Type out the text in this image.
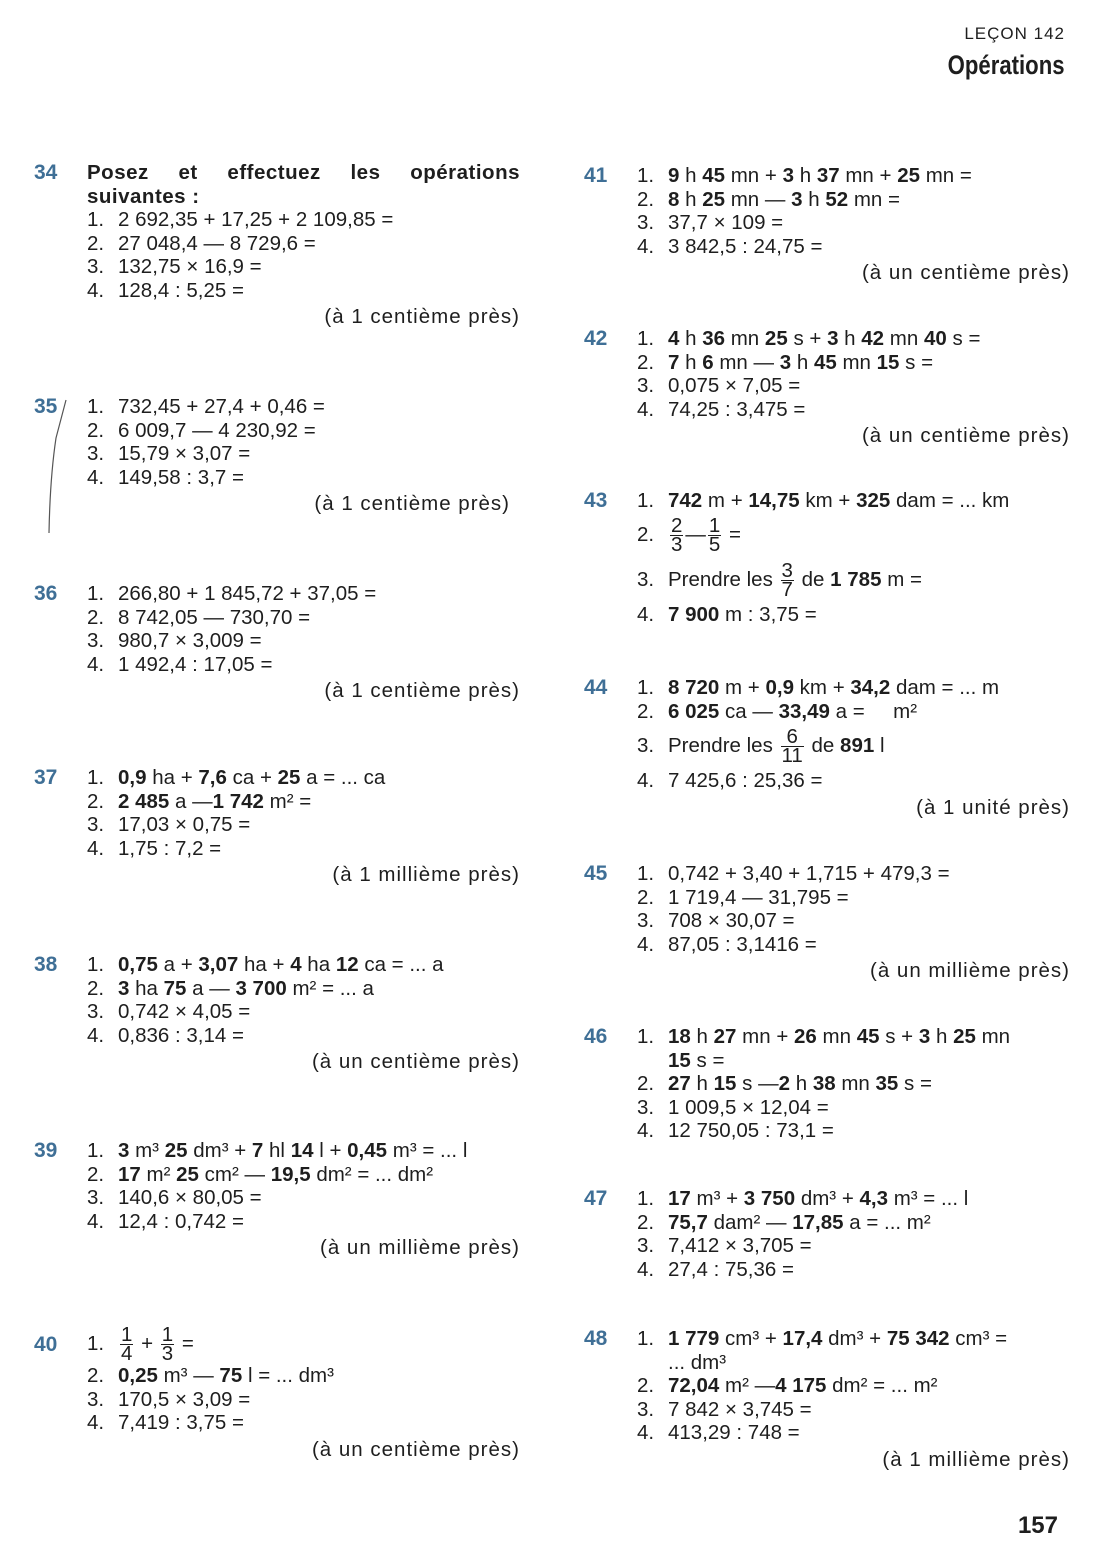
LEÇON 142
Opérations
34 Posez et effectuez les opérations suivantes :
1. 2 692,35 + 17,25 + 2 109,85 =
2. 27 048,4 — 8 729,6 =
3. 132,75 × 16,9 =
4. 128,4 : 5,25 =
(à 1 centième près)
35 1. 732,45 + 27,4 + 0,46 =
2. 6 009,7 — 4 230,92 =
3. 15,79 × 3,07 =
4. 149,58 : 3,7 =
(à 1 centième près)
36 1. 266,80 + 1 845,72 + 37,05 =
2. 8 742,05 — 730,70 =
3. 980,7 × 3,009 =
4. 1 492,4 : 17,05 =
(à 1 centième près)
37 1. 0,9 ha + 7,6 ca + 25 a = ... ca
2. 2 485 a —1 742 m² =
3. 17,03 × 0,75 =
4. 1,75 : 7,2 =
(à 1 millième près)
38 1. 0,75 a + 3,07 ha + 4 ha 12 ca = ... a
2. 3 ha 75 a — 3 700 m² = ... a
3. 0,742 × 4,05 =
4. 0,836 : 3,14 =
(à un centième près)
39 1. 3 m³ 25 dm³ + 7 hl 14 l + 0,45 m³ = ... l
2. 17 m² 25 cm² — 19,5 dm² = ... dm²
3. 140,6 × 80,05 =
4. 12,4 : 0,742 =
(à un millième près)
40 1. $\frac{1}{4} + \frac{1}{3}$ =
2. 0,25 m³ — 75 l = ... dm³
3. 170,5 × 3,09 =
4. 7,419 : 3,75 =
(à un centième près)
41 1. 9 h 45 mn + 3 h 37 mn + 25 mn =
2. 8 h 25 mn — 3 h 52 mn =
3. 37,7 × 109 =
4. 3 842,5 : 24,75 =
(à un centième près)
42 1. 4 h 36 mn 25 s + 3 h 42 mn 40 s =
2. 7 h 6 mn — 3 h 45 mn 15 s =
3. 0,075 × 7,05 =
4. 74,25 : 3,475 =
(à un centième près)
43 1. 742 m + 14,75 km + 325 dam = ... km
2. $\frac{2}{3}$ — $\frac{1}{5}$ =
3. Prendre les $\frac{3}{7}$ de 1 785 m =
4. 7 900 m : 3,75 =
44 1. 8 720 m + 0,9 km + 34,2 dam = ... m
2. 6 025 ca — 33,49 a =     m²
3. Prendre les $\frac{6}{11}$ de 891 l
4. 7 425,6 : 25,36 =
(à 1 unité près)
45 1. 0,742 + 3,40 + 1,715 + 479,3 =
2. 1 719,4 — 31,795 =
3. 708 × 30,07 =
4. 87,05 : 3,1416 =
(à un millième près)
46 1. 18 h 27 mn + 26 mn 45 s + 3 h 25 mn
15 s =
2. 27 h 15 s —2 h 38 mn 35 s =
3. 1 009,5 × 12,04 =
4. 12 750,05 : 73,1 =
47 1. 17 m³ + 3 750 dm³ + 4,3 m³ = ... l
2. 75,7 dam² — 17,85 a = ... m²
3. 7,412 × 3,705 =
4. 27,4 : 75,36 =
48 1. 1 779 cm³ + 17,4 dm³ + 75 342 cm³ =
... dm³
2. 72,04 m² —4 175 dm² = ... m²
3. 7 842 × 3,745 =
4. 413,29 : 748 =
(à 1 millième près)
157
